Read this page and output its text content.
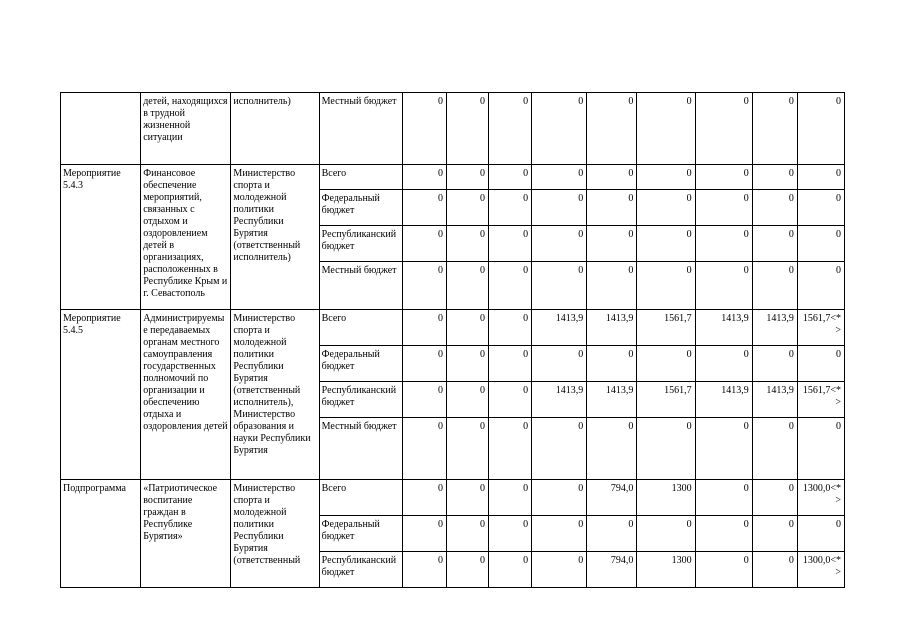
	детей, находящихся в трудной жизненной ситуации	исполнитель)	Местный бюджет	0	0	0	0	0	0	0	0	0
Мероприятие 5.4.3	Финансовое обеспечение мероприятий, связанных с отдыхом и оздоровлением детей в организациях, расположенных в Республике Крым и г. Севастополь	Министерство спорта и молодежной политики Республики Бурятия (ответственный исполнитель)	Всего	0	0	0	0	0	0	0	0	0
			Федеральный бюджет	0	0	0	0	0	0	0	0	0
			Республиканский бюджет	0	0	0	0	0	0	0	0	0
			Местный бюджет	0	0	0	0	0	0	0	0	0
Мероприятие 5.4.5	Администрируемые передаваемых органам местного самоуправления государственных полномочий по организации и обеспечению отдыха и оздоровления детей	Министерство спорта и молодежной политики Республики Бурятия (ответственный исполнитель), Министерство образования и науки Республики Бурятия	Всего	0	0	0	1413,9	1413,9	1561,7	1413,9	1413,9	1561,7<*>
			Федеральный бюджет	0	0	0	0	0	0	0	0	0
			Республиканский бюджет	0	0	0	1413,9	1413,9	1561,7	1413,9	1413,9	1561,7<*>
			Местный бюджет	0	0	0	0	0	0	0	0	0
Подпрограмма	«Патриотическое воспитание граждан в Республике Бурятия»	Министерство спорта и молодежной политики Республики Бурятия (ответственный	Всего	0	0	0	0	794,0	1300	0	0	1300,0<*>
			Федеральный бюджет	0	0	0	0	0	0	0	0	0
			Республиканский бюджет	0	0	0	0	794,0	1300	0	0	1300,0<*>
